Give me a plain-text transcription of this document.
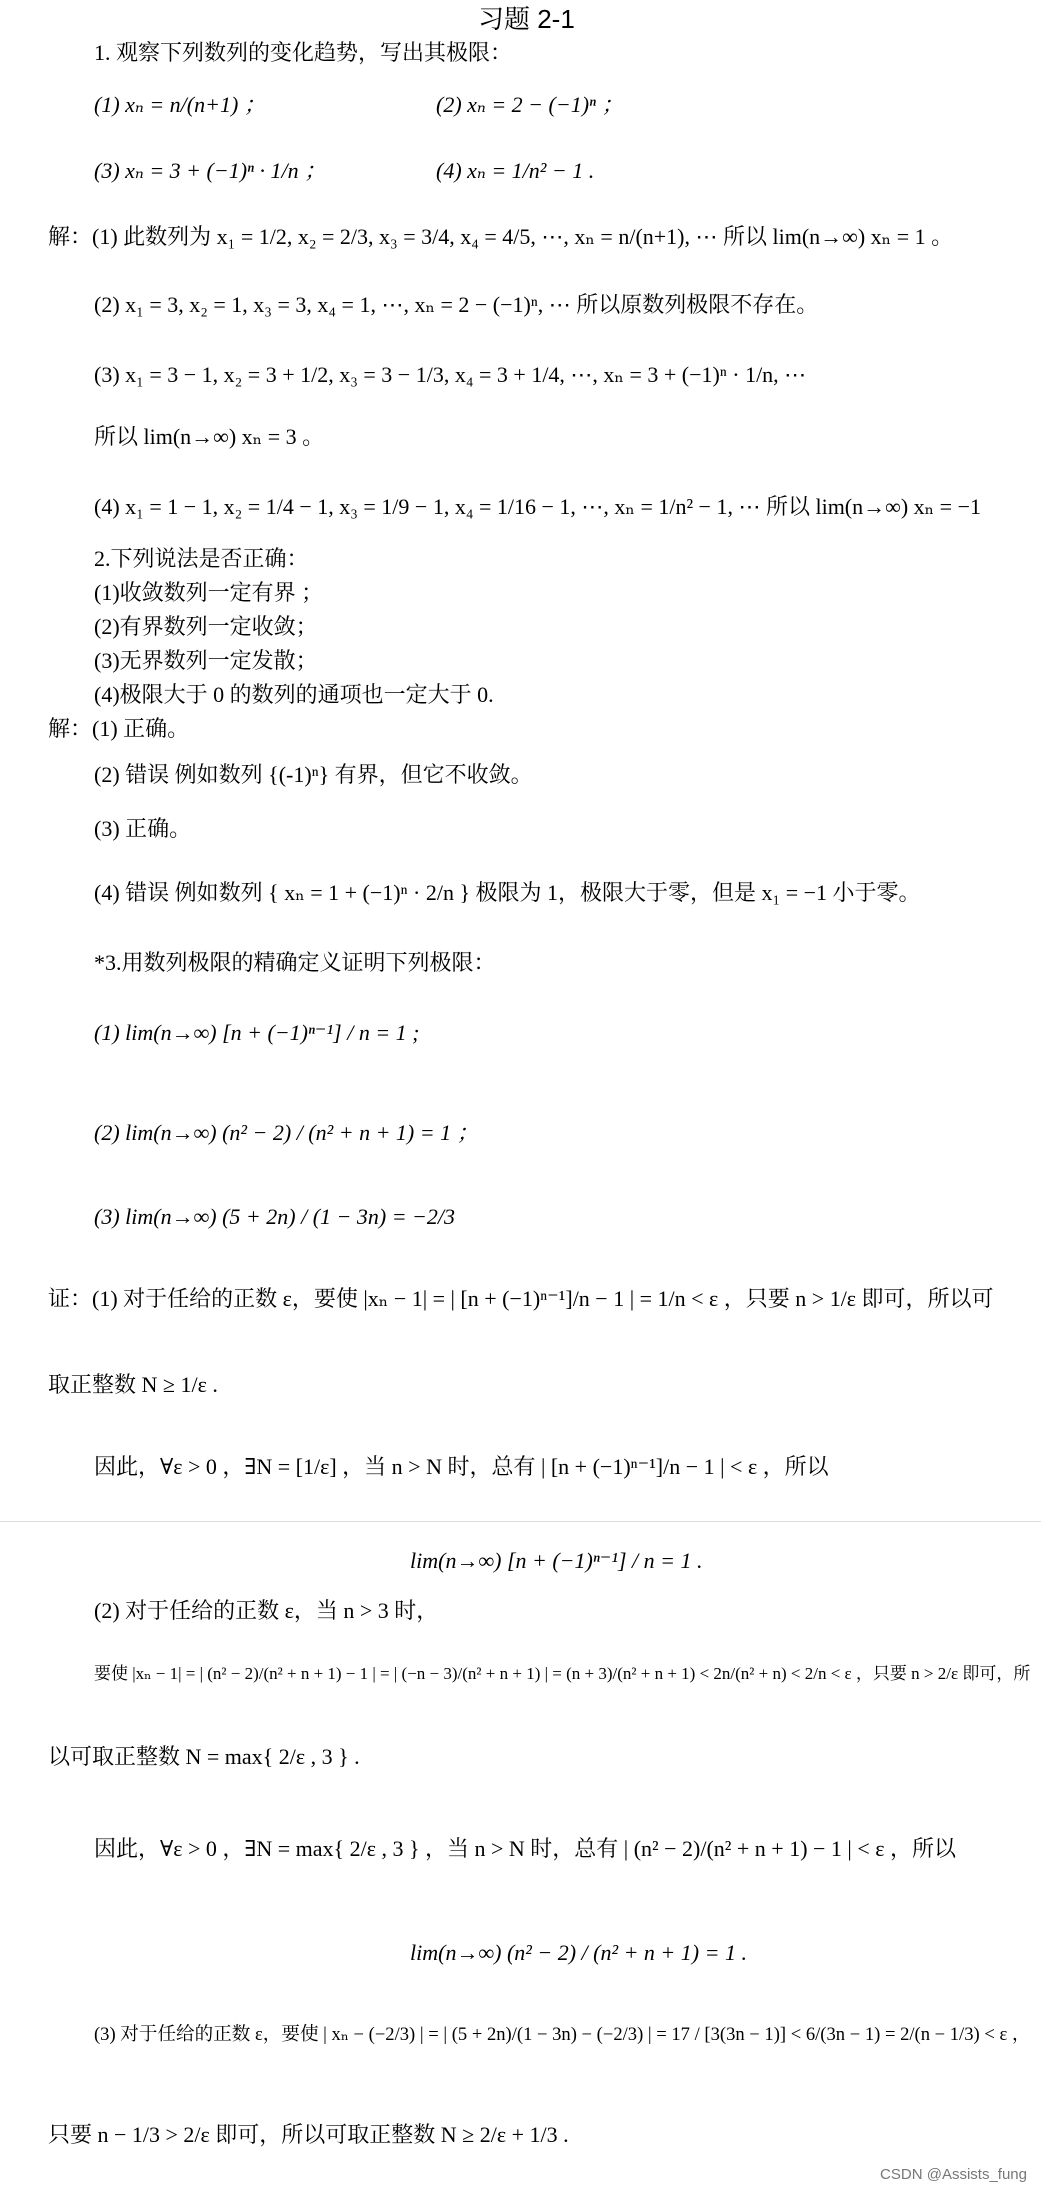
习题 2-1
1. 观察下列数列的变化趋势，写出其极限：
(1) xₙ = n/(n+1) ；	(2) xₙ = 2 − (−1)ⁿ ；
(3) xₙ = 3 + (−1)ⁿ · 1/n ；	(4) xₙ = 1/n² − 1 .
解：(1) 此数列为 x₁ = 1/2, x₂ = 2/3, x₃ = 3/4, x₄ = 4/5, ⋯, xₙ = n/(n+1), ⋯ 所以 lim(n→∞) xₙ = 1 。
(2) x₁ = 3, x₂ = 1, x₃ = 3, x₄ = 1, ⋯, xₙ = 2 − (−1)ⁿ, ⋯ 所以原数列极限不存在。
(3) x₁ = 3 − 1, x₂ = 3 + 1/2, x₃ = 3 − 1/3, x₄ = 3 + 1/4, ⋯, xₙ = 3 + (−1)ⁿ · 1/n, ⋯
所以 lim(n→∞) xₙ = 3 。
(4) x₁ = 1 − 1, x₂ = 1/4 − 1, x₃ = 1/9 − 1, x₄ = 1/16 − 1, ⋯, xₙ = 1/n² − 1, ⋯ 所以 lim(n→∞) xₙ = −1
2.下列说法是否正确：
(1)收敛数列一定有界 ；
(2)有界数列一定收敛；
(3)无界数列一定发散；
(4)极限大于 0 的数列的通项也一定大于 0.
解：(1) 正确。
(2) 错误 例如数列 {(-1)ⁿ} 有界，但它不收敛。
(3) 正确。
(4) 错误 例如数列 { xₙ = 1 + (−1)ⁿ · 2/n } 极限为 1，极限大于零，但是 x₁ = −1 小于零。
*3.用数列极限的精确定义证明下列极限：
(1) lim(n→∞) [n + (−1)ⁿ⁻¹] / n = 1 ;
(2) lim(n→∞) (n² − 2) / (n² + n + 1) = 1 ；
(3) lim(n→∞) (5 + 2n) / (1 − 3n) = −2/3
证：(1) 对于任给的正数 ε，要使 |xₙ − 1| = | [n + (−1)ⁿ⁻¹]/n − 1 | = 1/n < ε ，只要 n > 1/ε 即可，所以可
取正整数 N ≥ 1/ε .
因此，∀ε > 0 ，∃N = [1/ε] ，当 n > N 时，总有 | [n + (−1)ⁿ⁻¹]/n − 1 | < ε ，所以
lim(n→∞) [n + (−1)ⁿ⁻¹] / n = 1 .
(2) 对于任给的正数 ε，当 n > 3 时，
要使 |xₙ − 1| = | (n² − 2)/(n² + n + 1) − 1 | = | (−n − 3)/(n² + n + 1) | = (n + 3)/(n² + n + 1) < 2n/(n² + n) < 2/n < ε ，只要 n > 2/ε 即可，所
以可取正整数 N = max{ 2/ε , 3 } .
因此，∀ε > 0 ，∃N = max{ 2/ε , 3 } ，当 n > N 时，总有 | (n² − 2)/(n² + n + 1) − 1 | < ε ，所以
lim(n→∞) (n² − 2) / (n² + n + 1) = 1 .
(3) 对于任给的正数 ε，要使 | xₙ − (−2/3) | = | (5 + 2n)/(1 − 3n) − (−2/3) | = 17 / [3(3n − 1)] < 6/(3n − 1) = 2/(n − 1/3) < ε ，
只要 n − 1/3 > 2/ε 即可，所以可取正整数 N ≥ 2/ε + 1/3 .
CSDN @Assists_fung
